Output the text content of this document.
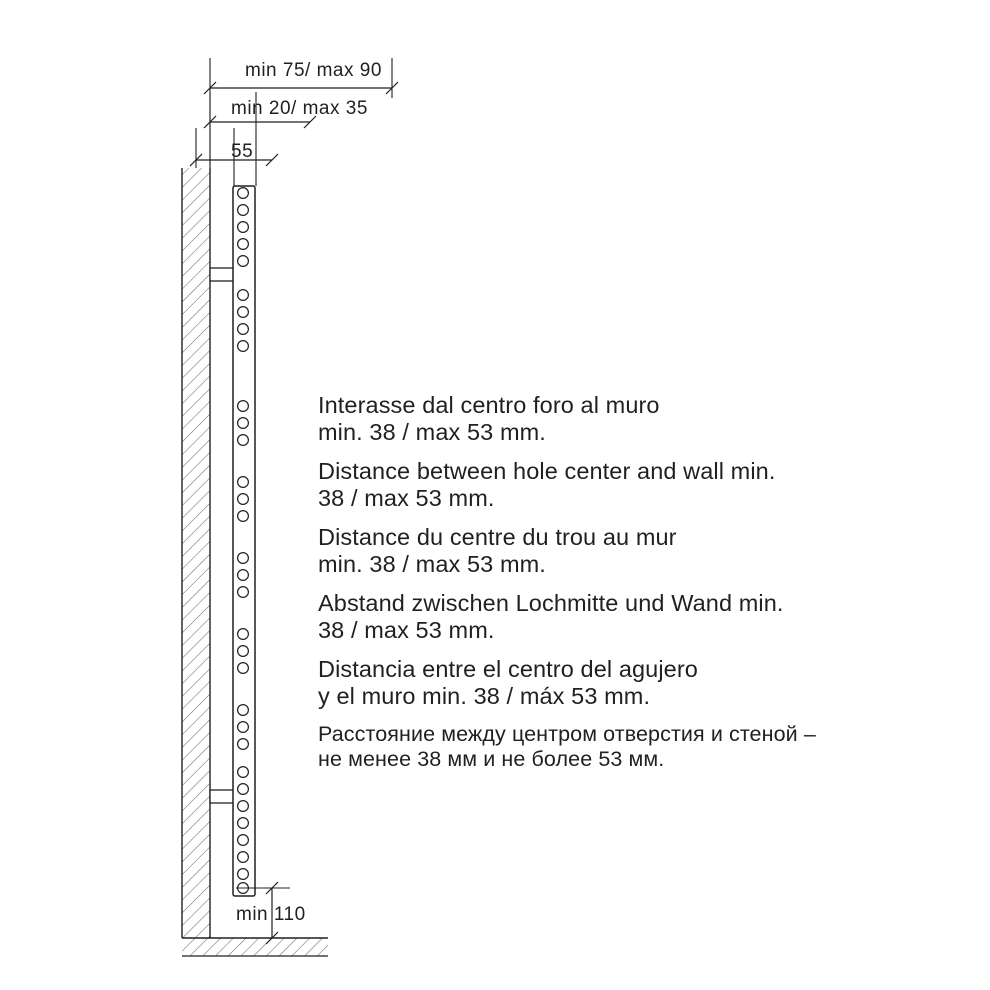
min 75/ max 90
min 20/ max 35
55
min 110
Interasse dal centro foro al muro
min. 38 / max 53 mm.
Distance between hole center and wall min.
38 / max 53 mm.
Distance du centre du trou au mur
min. 38 / max 53 mm.
Abstand zwischen Lochmitte und Wand min.
38 / max 53 mm.
Distancia entre el centro del agujero
y el muro min. 38 / máx 53 mm.
Расстояние между центром отверстия и стеной –
не менее 38 мм и не более 53 мм.
